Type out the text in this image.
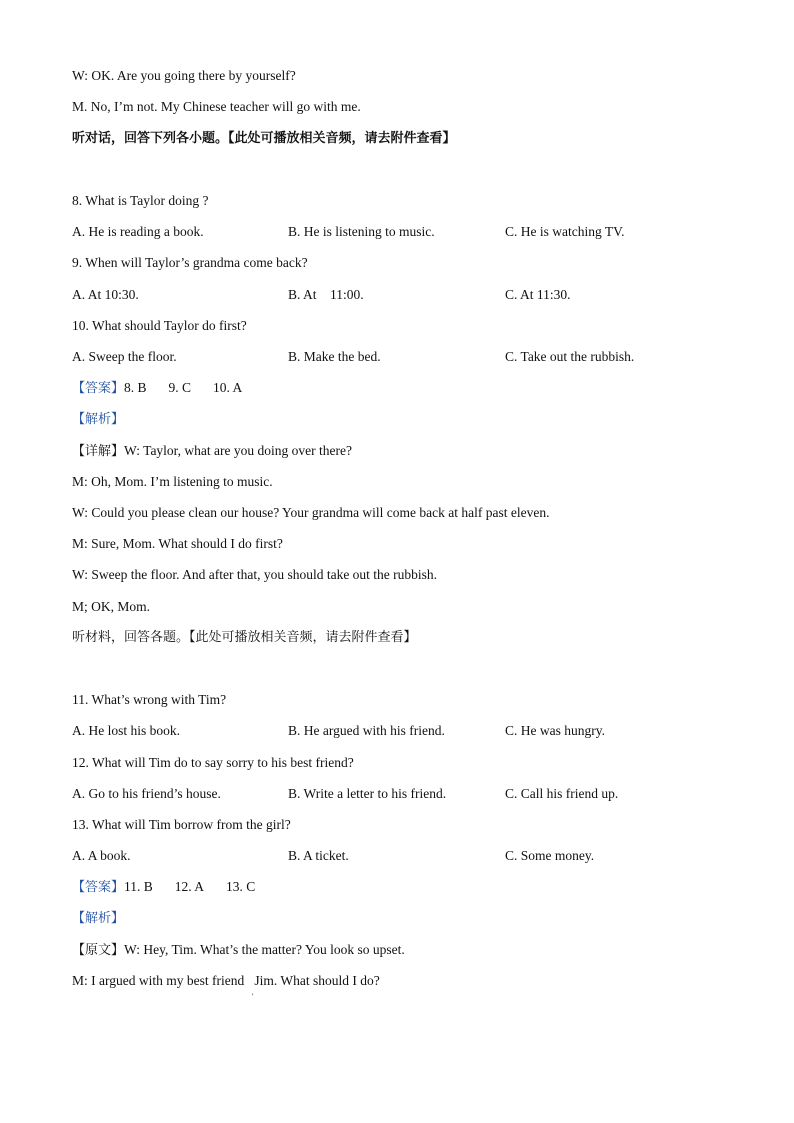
W: OK. Are you going there by yourself?
M. No, I’m not. My Chinese teacher will go with me.
听对话，回答下列各小题。【此处可播放相关音频，请去附件查看】
8. What is Taylor doing ?
A. He is reading a book.	B. He is listening to music.	C. He is watching TV.
9. When will Taylor’s grandma come back?
A. At 10:30.	B. At    11:00.	C. At 11:30.
10. What should Taylor do first?
A. Sweep the floor.	B. Make the bed.	C. Take out the rubbish.
【答案】8. B 9. C 10. A
【解析】
【详解】W: Taylor, what are you doing over there?
M: Oh, Mom. I’m listening to music.
W: Could you please clean our house? Your grandma will come back at half past eleven.
M: Sure, Mom. What should I do first?
W: Sweep the floor. And after that, you should take out the rubbish.
M; OK, Mom.
听材料，回答各题。【此处可播放相关音频，请去附件查看】
11. What’s wrong with Tim?
A. He lost his book.	B. He argued with his friend.	C. He was hungry.
12. What will Tim do to say sorry to his best friend?
A. Go to his friend’s house.	B. Write a letter to his friend.	C. Call his friend up.
13. What will Tim borrow from the girl?
A. A book.	B. A ticket.	C. Some money.
【答案】11. B 12. A 13. C
【解析】
【原文】W: Hey, Tim. What’s the matter? You look so upset.
M: I argued with my best friend   Jim. What should I do?
'
